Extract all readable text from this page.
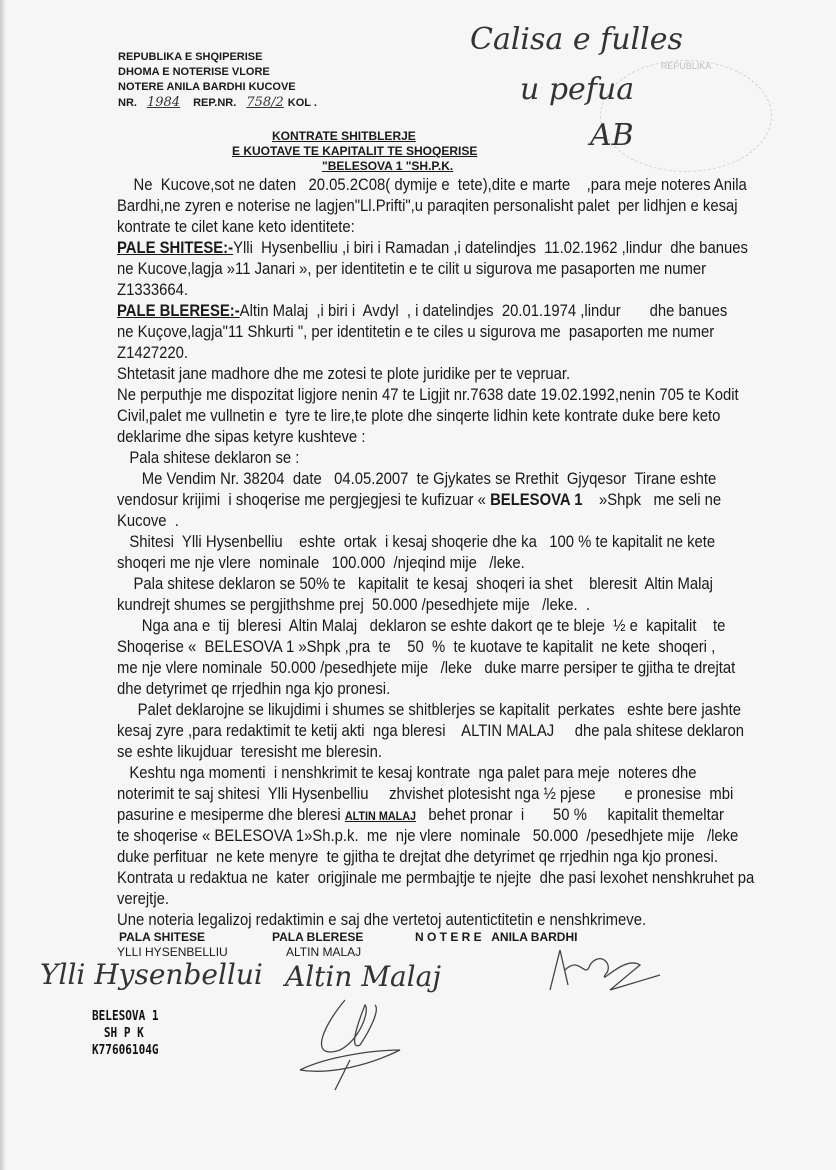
REPUBLIKA E SHQIPERISE
DHOMA E NOTERISE VLORE
NOTERE ANILA BARDHI KUCOVE
NR. 1984 REP.NR. 758/2 KOL .
REPUBLIKA
Calisa e fulles
u pefua
AB
KONTRATE SHITBLERJE
E KUOTAVE TE KAPITALIT TE SHOQERISE
"BELESOVA 1 "SH.P.K.
Ne  Kucove,sot ne daten   20.05.2C08( dymije e  tete),dite e marte    ,para meje noteres Anila
Bardhi,ne zyren e noterise ne lagjen"Ll.Prifti",u paraqiten personalisht palet  per lidhjen e kesaj
kontrate te cilet kane keto identitete:
PALE SHITESE:-Ylli  Hysenbelliu ,i biri i Ramadan ,i datelindjes  11.02.1962 ,lindur  dhe banues
ne Kucove,lagja »11 Janari », per identitetin e te cilit u sigurova me pasaporten me numer
Z1333664.
PALE BLERESE:-Altin Malaj  ,i biri i  Avdyl  , i datelindjes  20.01.1974 ,lindur       dhe banues
ne Kuçove,lagja"11 Shkurti ", per identitetin e te ciles u sigurova me  pasaporten me numer
Z1427220.
Shtetasit jane madhore dhe me zotesi te plote juridike per te vepruar.
Ne perputhje me dispozitat ligjore nenin 47 te Ligjit nr.7638 date 19.02.1992,nenin 705 te Kodit
Civil,palet me vullnetin e  tyre te lire,te plote dhe sinqerte lidhin kete kontrate duke bere keto
deklarime dhe sipas ketyre kushteve :
Pala shitese deklaron se :
Me Vendim Nr. 38204  date   04.05.2007  te Gjykates se Rrethit  Gjyqesor  Tirane eshte
vendosur krijimi  i shoqerise me pergjegjesi te kufizuar « BELESOVA 1    »Shpk   me seli ne
Kucove  .
Shitesi  Ylli Hysenbelliu    eshte  ortak  i kesaj shoqerie dhe ka   100 % te kapitalit ne kete
shoqeri me nje vlere  nominale   100.000  /njeqind mije   /leke.
Pala shitese deklaron se 50% te   kapitalit  te kesaj  shoqeri ia shet    bleresit  Altin Malaj
kundrejt shumes se pergjithshme prej  50.000 /pesedhjete mije   /leke.  .
Nga ana e  tij  bleresi  Altin Malaj   deklaron se eshte dakort qe te bleje  ½ e  kapitalit    te
Shoqerise «  BELESOVA 1 »Shpk ,pra  te    50  %  te kuotave te kapitalit  ne kete  shoqeri ,
me nje vlere nominale  50.000 /pesedhjete mije   /leke   duke marre persiper te gjitha te drejtat
dhe detyrimet qe rrjedhin nga kjo pronesi.
Palet deklarojne se likujdimi i shumes se shitblerjes se kapitalit  perkates   eshte bere jashte
kesaj zyre ,para redaktimit te ketij akti  nga bleresi    ALTIN MALAJ     dhe pala shitese deklaron
se eshte likujduar  teresisht me bleresin.
Keshtu nga momenti  i nenshkrimit te kesaj kontrate  nga palet para meje  noteres dhe
noterimit te saj shitesi  Ylli Hysenbelliu     zhvishet plotesisht nga ½ pjese       e pronesise  mbi
pasurine e mesiperme dhe bleresi ALTIN MALAJ   behet pronar  i       50 %     kapitalit themeltar
te shoqerise « BELESOVA 1»Sh.p.k.  me  nje vlere  nominale   50.000  /pesedhjete mije   /leke
duke perfituar  ne kete menyre  te gjitha te drejtat dhe detyrimet qe rrjedhin nga kjo pronesi.
Kontrata u redaktua ne  kater  origjinale me permbajtje te njejte  dhe pasi lexohet nenshkruhet pa
verejtje.
Une noteria legalizoj redaktimin e saj dhe vertetoj autentictitetin e nenshkrimeve.
PALA SHITESE
YLLI HYSENBELLIU
PALA BLERESE
ALTIN MALAJ
N O T E R E   ANILA BARDHI
Ylli Hysenbellui Altin Malaj
BELESOVA 1
SH P K
K77606104G
